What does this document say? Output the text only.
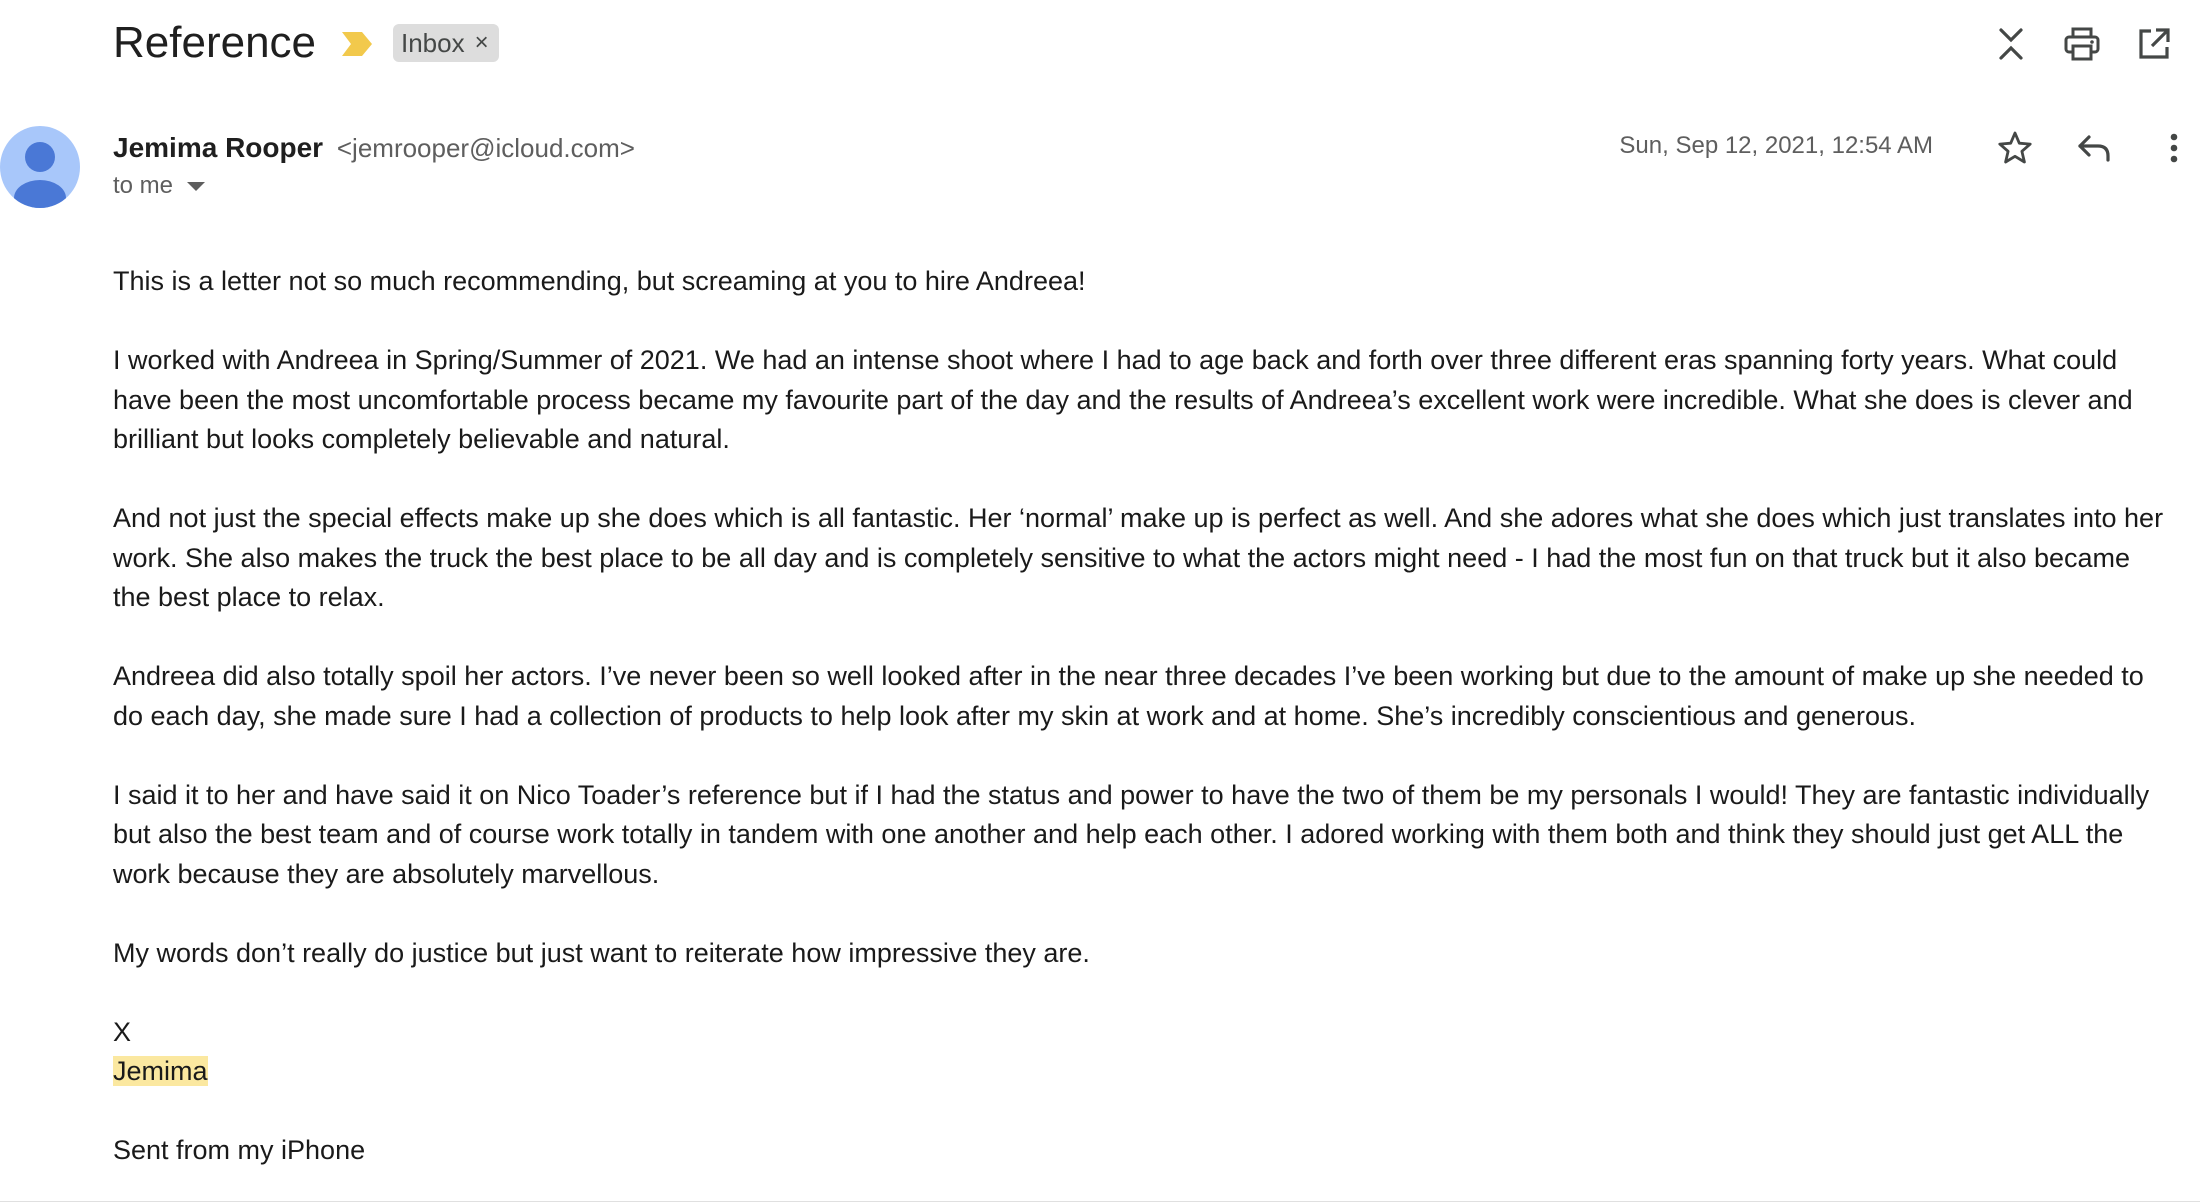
Reference	Inbox ×
Jemima Rooper <jemrooper@icloud.com>
to me
Sun, Sep 12, 2021, 12:54 AM

This is a letter not so much recommending, but screaming at you to hire Andreea!

I worked with Andreea in Spring/Summer of 2021. We had an intense shoot where I had to age back and forth over three different eras spanning forty years. What could have been the most uncomfortable process became my favourite part of the day and the results of Andreea’s excellent work were incredible. What she does is clever and brilliant but looks completely believable and natural.

And not just the special effects make up she does which is all fantastic. Her ‘normal’ make up is perfect as well. And she adores what she does which just translates into her work. She also makes the truck the best place to be all day and is completely sensitive to what the actors might need - I had the most fun on that truck but it also became the best place to relax.

Andreea did also totally spoil her actors. I’ve never been so well looked after in the near three decades I’ve been working but due to the amount of make up she needed to do each day, she made sure I had a collection of products to help look after my skin at work and at home. She’s incredibly conscientious and generous.

I said it to her and have said it on Nico Toader’s reference but if I had the status and power to have the two of them be my personals I would! They are fantastic individually but also the best team and of course work totally in tandem with one another and help each other. I adored working with them both and think they should just get ALL the work because they are absolutely marvellous.

My words don’t really do justice but just want to reiterate how impressive they are.

X
Jemima
Sent from my iPhone
